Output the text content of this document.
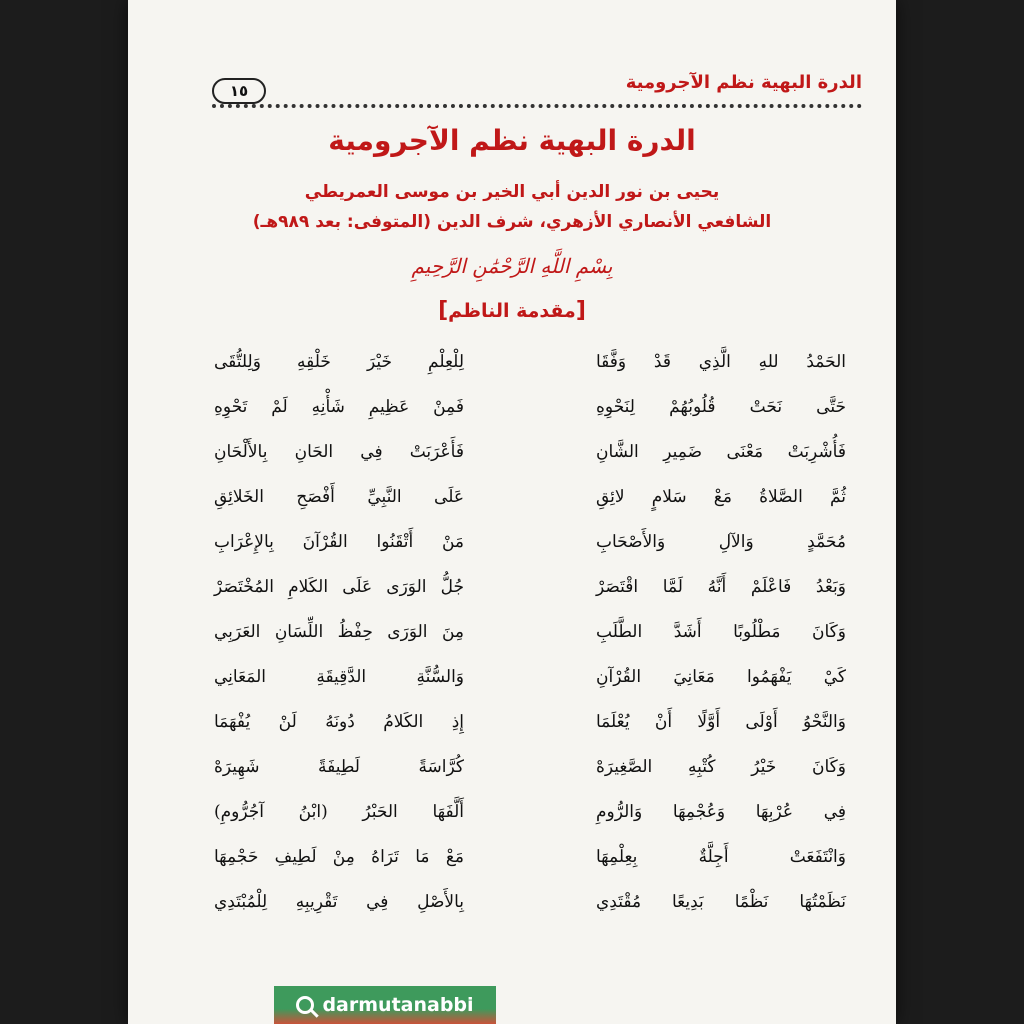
الدرة البهية نظم الآجرومية
١٥
الدرة البهية نظم الآجرومية
يحيى بن نور الدين أبي الخير بن موسى العمريطي
الشافعي الأنصاري الأزهري، شرف الدين (المتوفى: بعد ٩٨٩هـ)
بِسْمِ اللَّهِ الرَّحْمَٰنِ الرَّحِيمِ
[مقدمة الناظم]
الحَمْدُ للهِ الَّذِي قَدْ وَفَّقَا
لِلْعِلْمِ خَيْرَ خَلْقِهِ وَلِلتُّقَى
حَتَّى نَحَتْ قُلُوبُهُمْ لِنَحْوِهِ
فَمِنْ عَظِيمِ شَأْنِهِ لَمْ تَحْوِهِ
فَأُشْرِبَتْ مَعْنَى ضَمِيرِ الشَّانِ
فَأَعْرَبَتْ فِي الحَانِ بِالأَلْحَانِ
ثُمَّ الصَّلاةُ مَعْ سَلامٍ لائِقِ
عَلَى النَّبِيِّ أَفْصَحِ الخَلائِقِ
مُحَمَّدٍ وَالآلِ وَالأَصْحَابِ
مَنْ أَتْقَنُوا القُرْآنَ بِالإِعْرَابِ
وَبَعْدُ فَاعْلَمْ أَنَّهُ لَمَّا اقْتَصَرْ
جُلُّ الوَرَى عَلَى الكَلامِ المُخْتَصَرْ
وَكَانَ مَطْلُوبًا أَشَدَّ الطَّلَبِ
مِنَ الوَرَى حِفْظُ اللِّسَانِ العَرَبِي
كَيْ يَفْهَمُوا مَعَانِيَ القُرْآنِ
وَالسُّنَّةِ الدَّقِيقَةِ المَعَانِي
وَالنَّحْوُ أَوْلَى أَوَّلًا أَنْ يُعْلَمَا
إِذِ الكَلامُ دُونَهُ لَنْ يُفْهَمَا
وَكَانَ خَيْرُ كُتْبِهِ الصَّغِيرَهْ
كُرَّاسَةً لَطِيفَةً شَهِيرَهْ
فِي عُرْبِهَا وَعُجْمِهَا وَالرُّومِ
أَلَّفَهَا الحَبْرُ (ابْنُ آجُرُّومِ)
وَانْتَفَعَتْ أَجِلَّةٌ بِعِلْمِهَا
مَعْ مَا تَرَاهُ مِنْ لَطِيفِ حَجْمِهَا
نَظَمْتُهَا نَظْمًا بَدِيعًا مُقْتَدِي
بِالأَصْلِ فِي تَقْرِيبِهِ لِلْمُبْتَدِي
darmutanabbi
